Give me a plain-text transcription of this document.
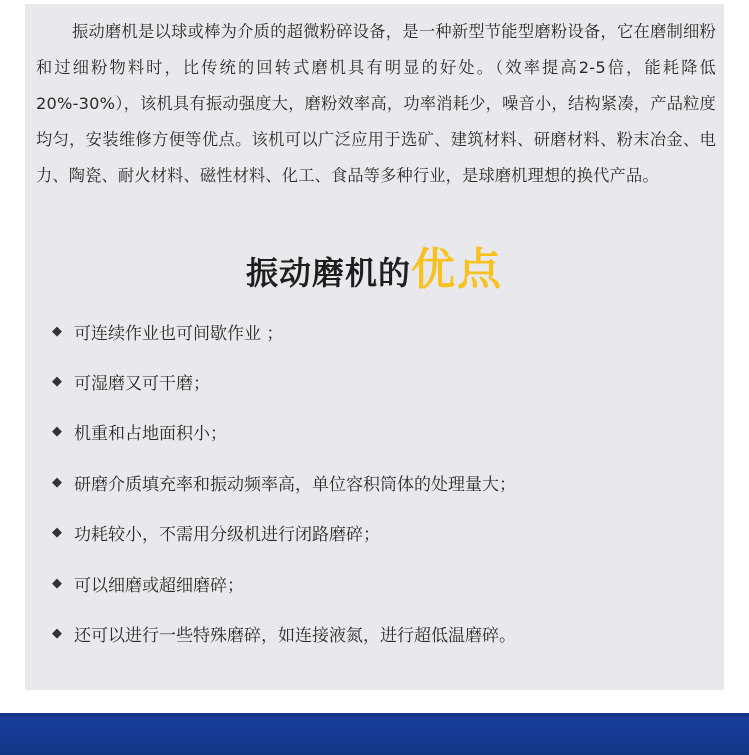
振动磨机是以球或棒为介质的超微粉碎设备，是一种新型节能型磨粉设备，它在磨制细粉和过细粉物料时，比传统的回转式磨机具有明显的好处。（效率提高2-5倍，能耗降低20%-30%），该机具有振动强度大，磨粉效率高，功率消耗少，噪音小，结构紧凑，产品粒度均匀，安装维修方便等优点。该机可以广泛应用于选矿、建筑材料、研磨材料、粉末冶金、电力、陶瓷、耐火材料、磁性材料、化工、食品等多种行业，是球磨机理想的换代产品。

振动磨机的优点
◆ 可连续作业也可间歇作业 ；
◆ 可湿磨又可干磨；
◆ 机重和占地面积小；
◆ 研磨介质填充率和振动频率高，单位容积筒体的处理量大；
◆ 功耗较小，不需用分级机进行闭路磨碎；
◆ 可以细磨或超细磨碎；
◆ 还可以进行一些特殊磨碎，如连接液氮，进行超低温磨碎。
